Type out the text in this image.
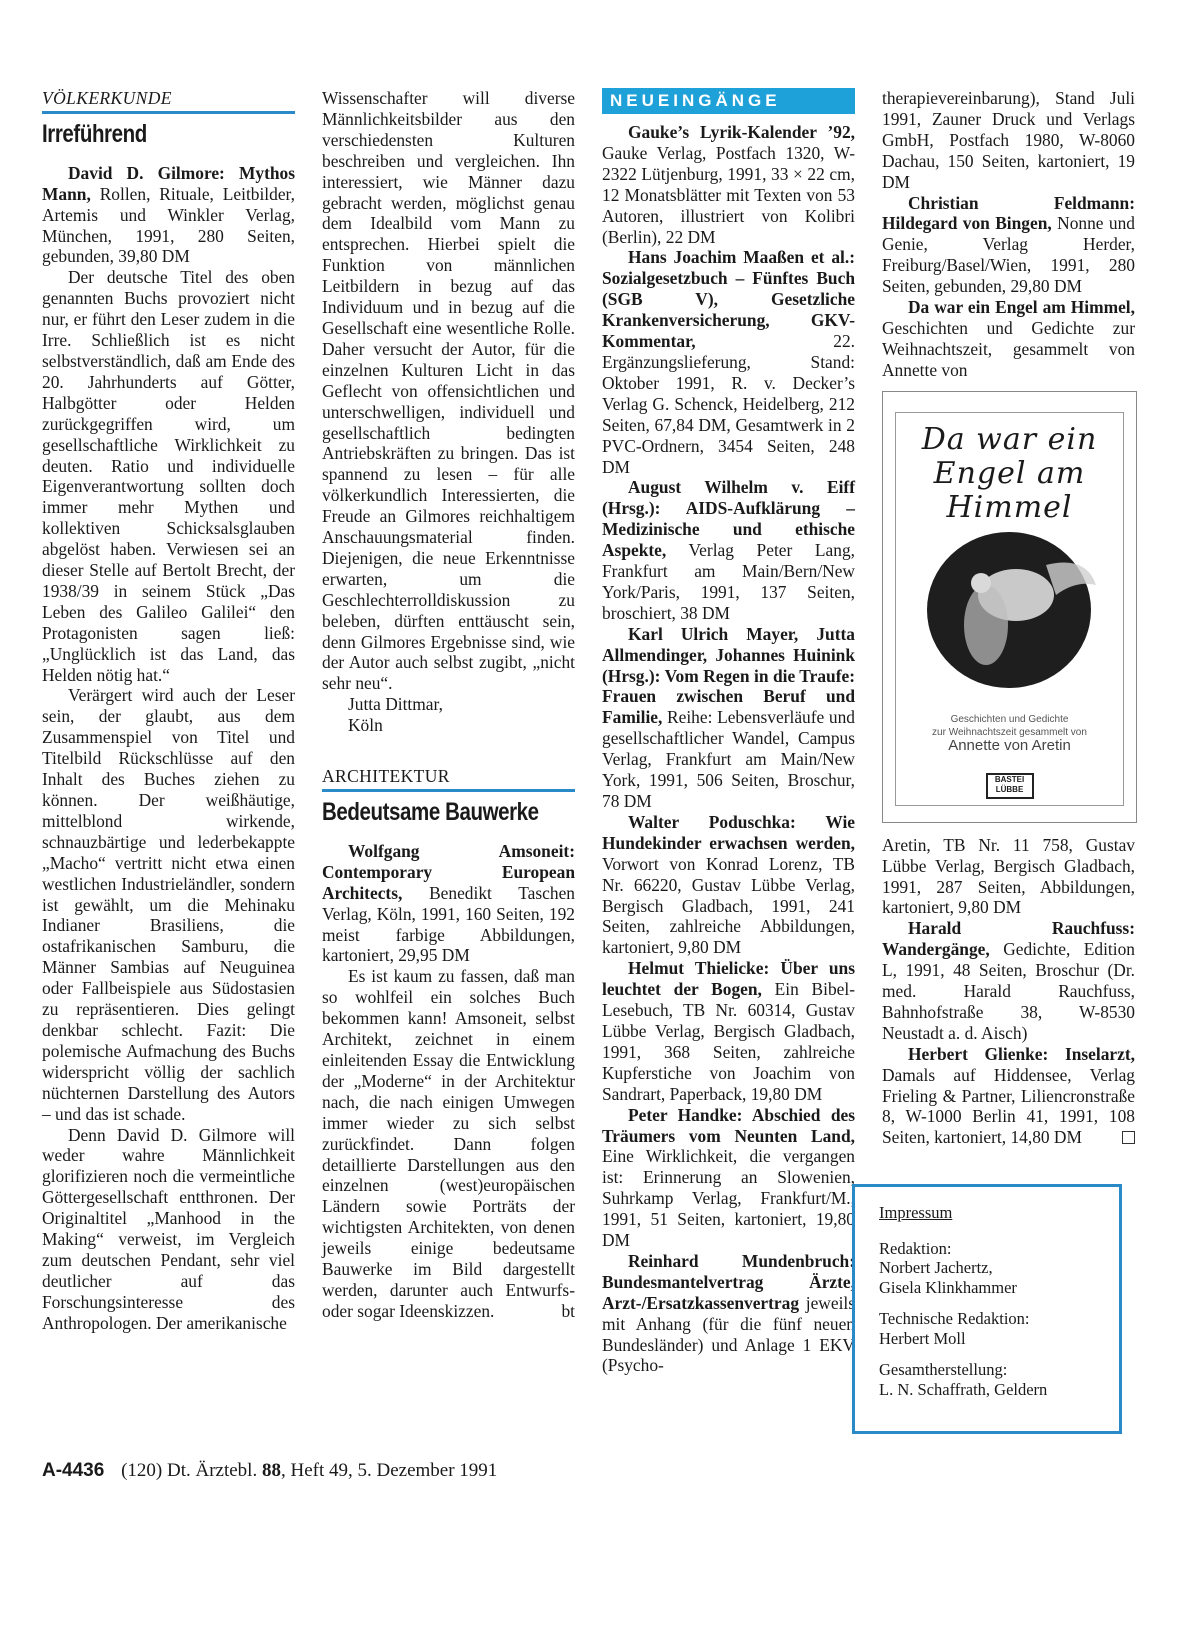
VÖLKERKUNDE
Irreführend

David D. Gilmore: Mythos Mann, Rollen, Rituale, Leitbilder, Artemis und Winkler Verlag, München, 1991, 280 Seiten, gebunden, 39,80 DM

Der deutsche Titel des oben genannten Buchs provoziert nicht nur, er führt den Leser zudem in die Irre. Schließlich ist es nicht selbstverständlich, daß am Ende des 20. Jahrhunderts auf Götter, Halbgötter oder Helden zurückgegriffen wird, um gesellschaftliche Wirklichkeit zu deuten. Ratio und individuelle Eigenverantwortung sollten doch immer mehr Mythen und kollektiven Schicksalsglauben abgelöst haben. Verwiesen sei an dieser Stelle auf Bertolt Brecht, der 1938/39 in seinem Stück „Das Leben des Galileo Galilei“ den Protagonisten sagen ließ: „Unglücklich ist das Land, das Helden nötig hat.“

Verärgert wird auch der Leser sein, der glaubt, aus dem Zusammenspiel von Titel und Titelbild Rückschlüsse auf den Inhalt des Buches ziehen zu können. Der weißhäutige, mittelblond wirkende, schnauzbärtige und lederbekappte „Macho“ vertritt nicht etwa einen westlichen Industrieländler, sondern ist gewählt, um die Mehinaku Indianer Brasiliens, die ostafrikanischen Samburu, die Männer Sambias auf Neuguinea oder Fallbeispiele aus Südostasien zu repräsentieren. Dies gelingt denkbar schlecht. Fazit: Die polemische Aufmachung des Buchs widerspricht völlig der sachlich nüchternen Darstellung des Autors – und das ist schade.

Denn David D. Gilmore will weder wahre Männlichkeit glorifizieren noch die vermeintliche Göttergesellschaft entthronen. Der Originaltitel „Manhood in the Making“ verweist, im Vergleich zum deutschen Pendant, sehr viel deutlicher auf das Forschungsinteresse des Anthropologen. Der amerikanische

Wissenschafter will diverse Männlichkeitsbilder aus den verschiedensten Kulturen beschreiben und vergleichen. Ihn interessiert, wie Männer dazu gebracht werden, möglichst genau dem Idealbild vom Mann zu entsprechen. Hierbei spielt die Funktion von männlichen Leitbildern in bezug auf das Individuum und in bezug auf die Gesellschaft eine wesentliche Rolle. Daher versucht der Autor, für die einzelnen Kulturen Licht in das Geflecht von offensichtlichen und unterschwelligen, individuell und gesellschaftlich bedingten Antriebskräften zu bringen. Das ist spannend zu lesen – für alle völkerkundlich Interessierten, die Freude an Gilmores reichhaltigem Anschauungsmaterial finden. Diejenigen, die neue Erkenntnisse erwarten, um die Geschlechterrolldiskussion zu beleben, dürften enttäuscht sein, denn Gilmores Ergebnisse sind, wie der Autor auch selbst zugibt, „nicht sehr neu“.

Jutta Dittmar,

Köln

ARCHITEKTUR
Bedeutsame Bauwerke

Wolfgang Amsoneit: Contemporary European Architects, Benedikt Taschen Verlag, Köln, 1991, 160 Seiten, 192 meist farbige Abbildungen, kartoniert, 29,95 DM

Es ist kaum zu fassen, daß man so wohlfeil ein solches Buch bekommen kann! Amsoneit, selbst Architekt, zeichnet in einem einleitenden Essay die Entwicklung der „Moderne“ in der Architektur nach, die nach einigen Umwegen immer wieder zu sich selbst zurückfindet. Dann folgen detaillierte Darstellungen aus den einzelnen (west)europäischen Ländern sowie Porträts der wichtigsten Architekten, von denen jeweils einige bedeutsame Bauwerke im Bild dargestellt werden, darunter auch Entwurfs- oder sogar Ideenskizzen.	bt

NEUEINGÄNGE

Gauke’s Lyrik-Kalender ’92, Gauke Verlag, Postfach 1320, W-2322 Lütjenburg, 1991, 33 × 22 cm, 12 Monatsblätter mit Texten von 53 Autoren, illustriert von Kolibri (Berlin), 22 DM

Hans Joachim Maaßen et al.: Sozialgesetzbuch – Fünftes Buch (SGB V), Gesetzliche Krankenversicherung, GKV-Kommentar, 22. Ergänzungslieferung, Stand: Oktober 1991, R. v. Decker’s Verlag G. Schenck, Heidelberg, 212 Seiten, 67,84 DM, Gesamtwerk in 2 PVC-Ordnern, 3454 Seiten, 248 DM

August Wilhelm v. Eiff (Hrsg.): AIDS-Aufklärung – Medizinische und ethische Aspekte, Verlag Peter Lang, Frankfurt am Main/Bern/New York/Paris, 1991, 137 Seiten, broschiert, 38 DM

Karl Ulrich Mayer, Jutta Allmendinger, Johannes Huinink (Hrsg.): Vom Regen in die Traufe: Frauen zwischen Beruf und Familie, Reihe: Lebensverläufe und gesellschaftlicher Wandel, Campus Verlag, Frankfurt am Main/New York, 1991, 506 Seiten, Broschur, 78 DM

Walter Poduschka: Wie Hundekinder erwachsen werden, Vorwort von Konrad Lorenz, TB Nr. 66220, Gustav Lübbe Verlag, Bergisch Gladbach, 1991, 241 Seiten, zahlreiche Abbildungen, kartoniert, 9,80 DM

Helmut Thielicke: Über uns leuchtet der Bogen, Ein Bibel-Lesebuch, TB Nr. 60314, Gustav Lübbe Verlag, Bergisch Gladbach, 1991, 368 Seiten, zahlreiche Kupferstiche von Joachim von Sandrart, Paperback, 19,80 DM

Peter Handke: Abschied des Träumers vom Neunten Land, Eine Wirklichkeit, die vergangen ist: Erinnerung an Slowenien, Suhrkamp Verlag, Frankfurt/M., 1991, 51 Seiten, kartoniert, 19,80 DM

Reinhard Mundenbruch: Bundesmantelvertrag Ärzte, Arzt-/Ersatzkassenvertrag jeweils mit Anhang (für die fünf neuen Bundesländer) und Anlage 1 EKV (Psycho-

therapievereinbarung), Stand Juli 1991, Zauner Druck und Verlags GmbH, Postfach 1980, W-8060 Dachau, 150 Seiten, kartoniert, 19 DM

Christian Feldmann: Hildegard von Bingen, Nonne und Genie, Verlag Herder, Freiburg/Basel/Wien, 1991, 280 Seiten, gebunden, 29,80 DM

Da war ein Engel am Himmel, Geschichten und Gedichte zur Weihnachtszeit, gesammelt von Annette von

Da war ein Engel am Himmel
Geschichten und Gedichte
zur Weihnachtszeit gesammelt von
Annette von Aretin
BASTEI
LÜBBE

Aretin, TB Nr. 11 758, Gustav Lübbe Verlag, Bergisch Gladbach, 1991, 287 Seiten, Abbildungen, kartoniert, 9,80 DM

Harald Rauchfuss: Wandergänge, Gedichte, Edition L, 1991, 48 Seiten, Broschur (Dr. med. Harald Rauchfuss, Bahnhofstraße 38, W-8530 Neustadt a. d. Aisch)

Herbert Glienke: Inselarzt, Damals auf Hiddensee, Verlag Frieling & Partner, Liliencronstraße 8, W-1000 Berlin 41, 1991, 108 Seiten, kartoniert, 14,80 DM

Impressum
Redaktion:
Norbert Jachertz,
Gisela Klinkhammer
Technische Redaktion:
Herbert Moll
Gesamtherstellung:
L. N. Schaffrath, Geldern
A-4436 (120) Dt. Ärztebl. 88, Heft 49, 5. Dezember 1991
